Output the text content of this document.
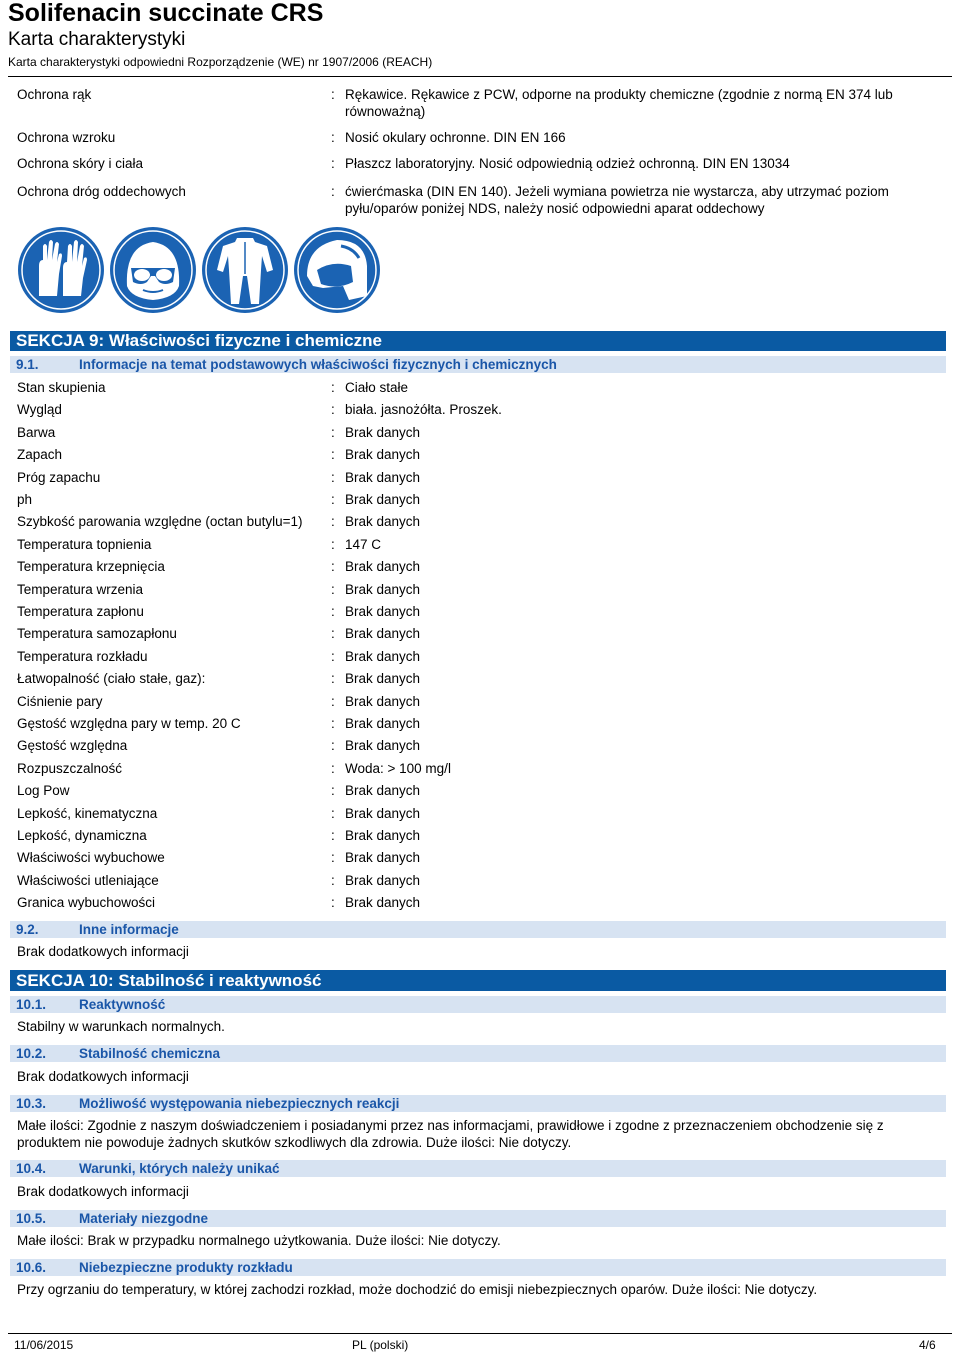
Solifenacin succinate CRS
Karta charakterystyki
Karta charakterystyki odpowiedni Rozporządzenie (WE) nr 1907/2006 (REACH)
Ochrona rąk	: Rękawice. Rękawice z PCW, odporne na produkty chemiczne (zgodnie z normą EN 374 lub równoważną)
Ochrona wzroku	: Nosić okulary ochronne. DIN EN 166
Ochrona skóry i ciała	: Płaszcz laboratoryjny. Nosić odpowiednią odzież ochronną. DIN EN 13034
Ochrona dróg oddechowych	: ćwierćmaska (DIN EN 140). Jeżeli wymiana powietrza nie wystarcza, aby utrzymać poziom pyłu/oparów poniżej NDS, należy nosić odpowiedni aparat oddechowy
SEKCJA 9: Właściwości fizyczne i chemiczne
9.1.	Informacje na temat podstawowych właściwości fizycznych i chemicznych
Stan skupienia	: Ciało stałe
Wygląd	: biała. jasnożółta. Proszek.
Barwa	: Brak danych
Zapach	: Brak danych
Próg zapachu	: Brak danych
ph	: Brak danych
Szybkość parowania względne (octan butylu=1) : Brak danych
Temperatura topnienia	: 147 C
Temperatura krzepnięcia	: Brak danych
Temperatura wrzenia	: Brak danych
Temperatura zapłonu	: Brak danych
Temperatura samozapłonu	: Brak danych
Temperatura rozkładu	: Brak danych
Łatwopalność (ciało stałe, gaz):	: Brak danych
Ciśnienie pary	: Brak danych
Gęstość względna pary w temp. 20 C	: Brak danych
Gęstość względna	: Brak danych
Rozpuszczalność	: Woda: > 100 mg/l
Log Pow	: Brak danych
Lepkość, kinematyczna	: Brak danych
Lepkość, dynamiczna	: Brak danych
Właściwości wybuchowe	: Brak danych
Właściwości utleniające	: Brak danych
Granica wybuchowości	: Brak danych
9.2.	Inne informacje
Brak dodatkowych informacji
SEKCJA 10: Stabilność i reaktywność
10.1. Reaktywność
Stabilny w warunkach normalnych.
10.2. Stabilność chemiczna
Brak dodatkowych informacji
10.3. Możliwość występowania niebezpiecznych reakcji
Małe ilości: Zgodnie z naszym doświadczeniem i posiadanymi przez nas informacjami, prawidłowe i zgodne z przeznaczeniem obchodzenie się z produktem nie powoduje żadnych skutków szkodliwych dla zdrowia. Duże ilości: Nie dotyczy.
10.4. Warunki, których należy unikać
Brak dodatkowych informacji
10.5. Materiały niezgodne
Małe ilości: Brak w przypadku normalnego użytkowania. Duże ilości: Nie dotyczy.
10.6. Niebezpieczne produkty rozkładu
Przy ogrzaniu do temperatury, w której zachodzi rozkład, może dochodzić do emisji niebezpiecznych oparów. Duże ilości: Nie dotyczy.
11/06/2015	PL (polski)	4/6
